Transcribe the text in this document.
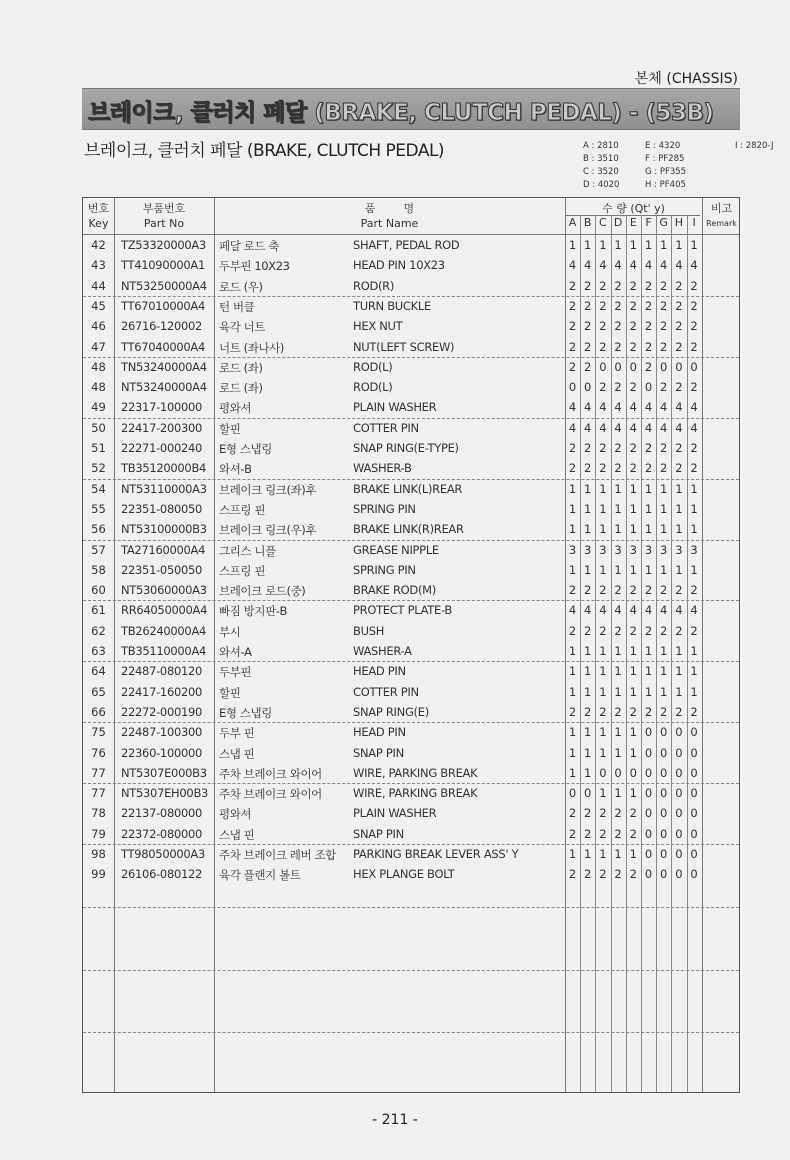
본체 (CHASSIS)
브레이크, 클러치 페달 (BRAKE, CLUTCH PEDAL) - (53B)
브레이크, 클러치 페달 (BRAKE, CLUTCH PEDAL)	A : 2810	E : 4320	I : 2820-J
B : 3510	F : PF285
C : 3520	G : PF355
D : 4020	H : PF405
번호
Key
부품번호
Part No
품        명
Part Name
수 량 (Qt' y)	비고
Remark
A B C D E F G H I
42	TZ53320000A3 페달 로드 축	SHAFT, PEDAL ROD	1 1 1 1 1 1 1 1 1
43	TT41090000A1 두부핀 10X23	HEAD PIN 10X23	4 4 4 4 4 4 4 4 4
44	NT53250000A4 로드 (우)	ROD(R)	2 2 2 2 2 2 2 2 2
45	TT67010000A4 턴 버클	TURN BUCKLE	2 2 2 2 2 2 2 2 2
46	26716-120002 육각 너트	HEX NUT	2 2 2 2 2 2 2 2 2
47	TT67040000A4 너트 (좌나사)	NUT(LEFT SCREW)	2 2 2 2 2 2 2 2 2
48	TN53240000A4 로드 (좌)	ROD(L)	2 2 0 0 0 2 0 0 0
48	NT53240000A4 로드 (좌)	ROD(L)	0 0 2 2 2 0 2 2 2
49	22317-100000 평와셔	PLAIN WASHER	4 4 4 4 4 4 4 4 4
50	22417-200300 할핀	COTTER PIN	4 4 4 4 4 4 4 4 4
51	22271-000240 E형 스냅링	SNAP RING(E-TYPE)	2 2 2 2 2 2 2 2 2
52	TB35120000B4 와셔-B	WASHER-B	2 2 2 2 2 2 2 2 2
54	NT53110000A3 브레이크 링크(좌)후	BRAKE LINK(L)REAR	1 1 1 1 1 1 1 1 1
55	22351-080050 스프링 핀	SPRING PIN	1 1 1 1 1 1 1 1 1
56	NT53100000B3 브레이크 링크(우)후	BRAKE LINK(R)REAR	1 1 1 1 1 1 1 1 1
57	TA27160000A4 그리스 니플	GREASE NIPPLE	3 3 3 3 3 3 3 3 3
58	22351-050050 스프링 핀	SPRING PIN	1 1 1 1 1 1 1 1 1
60	NT53060000A3 브레이크 로드(중)	BRAKE ROD(M)	2 2 2 2 2 2 2 2 2
61	RR64050000A4 빠짐 방지판-B	PROTECT PLATE-B	4 4 4 4 4 4 4 4 4
62	TB26240000A4 부시	BUSH	2 2 2 2 2 2 2 2 2
63	TB35110000A4 와셔-A	WASHER-A	1 1 1 1 1 1 1 1 1
64	22487-080120 두부핀	HEAD PIN	1 1 1 1 1 1 1 1 1
65	22417-160200 할핀	COTTER PIN	1 1 1 1 1 1 1 1 1
66	22272-000190 E형 스냅링	SNAP RING(E)	2 2 2 2 2 2 2 2 2
75	22487-100300 두부 핀	HEAD PIN	1 1 1 1 1 0 0 0 0
76	22360-100000 스냅 핀	SNAP PIN	1 1 1 1 1 0 0 0 0
77	NT5307E000B3 주차 브레이크 와이어	WIRE, PARKING BREAK	1 1 0 0 0 0 0 0 0
77	NT5307EH00B3 주차 브레이크 와이어	WIRE, PARKING BREAK	0 0 1 1 1 0 0 0 0
78	22137-080000 평와셔	PLAIN WASHER	2 2 2 2 2 0 0 0 0
79	22372-080000 스냅 핀	SNAP PIN	2 2 2 2 2 0 0 0 0
98	TT98050000A3 주차 브레이크 레버 조합 PARKING BREAK LEVER ASS' Y	1 1 1 1 1 0 0 0 0
99	26106-080122 육각 플랜지 볼트	HEX PLANGE BOLT	2 2 2 2 2 0 0 0 0
- 211 -
